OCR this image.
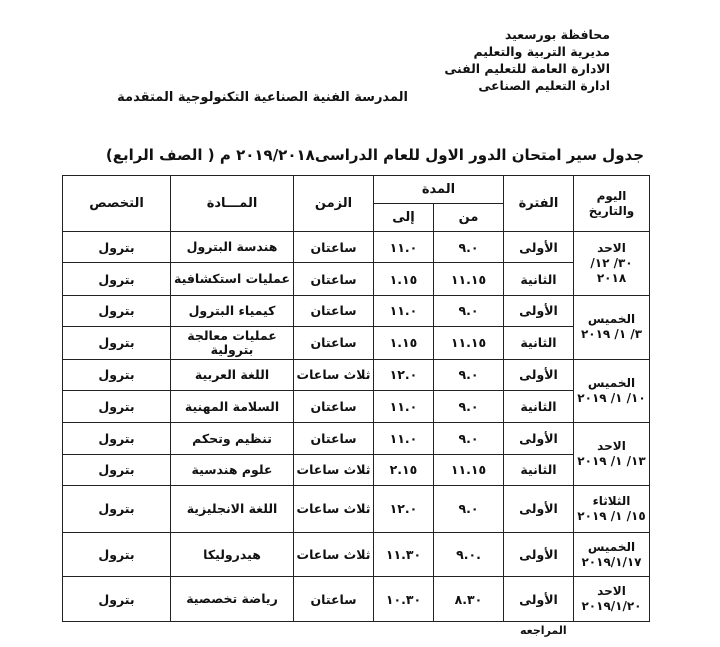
محافظة بورسعيد
مديرية التربية والتعليم
الادارة العامة للتعليم الفنى
ادارة التعليم الصناعى
المدرسة الفنية الصناعية التكنولوجية المتقدمة
جدول سير امتحان الدور الاول للعام الدراسى٢٠١٩/٢٠١٨ م ( الصف الرابع)
اليوم
والتاريخ	الفترة	المدة		الزمن	المـــادة	التخصص
		من	إلى			

الاحد
٣٠/ ١٢/
٢٠١٨	الأولى	٩.٠	١١.٠	ساعتان	هندسة البترول	بترول
	الثانية	١١.١٥	١.١٥	ساعتان	عمليات استكشافية	بترول

الخميس
٣/ ١/ ٢٠١٩	الأولى	٩.٠	١١.٠	ساعتان	كيمياء البترول	بترول
	الثانية	١١.١٥	١.١٥	ساعتان	عمليات معالجة بترولية	بترول

الخميس
١٠/ ١/ ٢٠١٩	الأولى	٩.٠	١٢.٠	ثلاث ساعات	اللغة العربية	بترول
	الثانية	٩.٠	١١.٠	ساعتان	السلامة المهنية	بترول

الاحد
١٣/ ١/ ٢٠١٩	الأولى	٩.٠	١١.٠	ساعتان	تنظيم وتحكم	بترول
	الثانية	١١.١٥	٢.١٥	ثلاث ساعات	علوم هندسية	بترول

الثلاثاء
١٥/ ١/ ٢٠١٩	الأولى	٩.٠	١٢.٠	ثلاث ساعات	اللغة الانجليزية	بترول

الخميس
٢٠١٩/١/١٧	الأولى	.٩.٠	١١.٣٠	ثلاث ساعات	هيدروليكا	بترول

الاحد
٢٠١٩/١/٢٠	الأولى	٨.٣٠	١٠.٣٠	ساعتان	رياضة تخصصية	بترول
المراجعه
